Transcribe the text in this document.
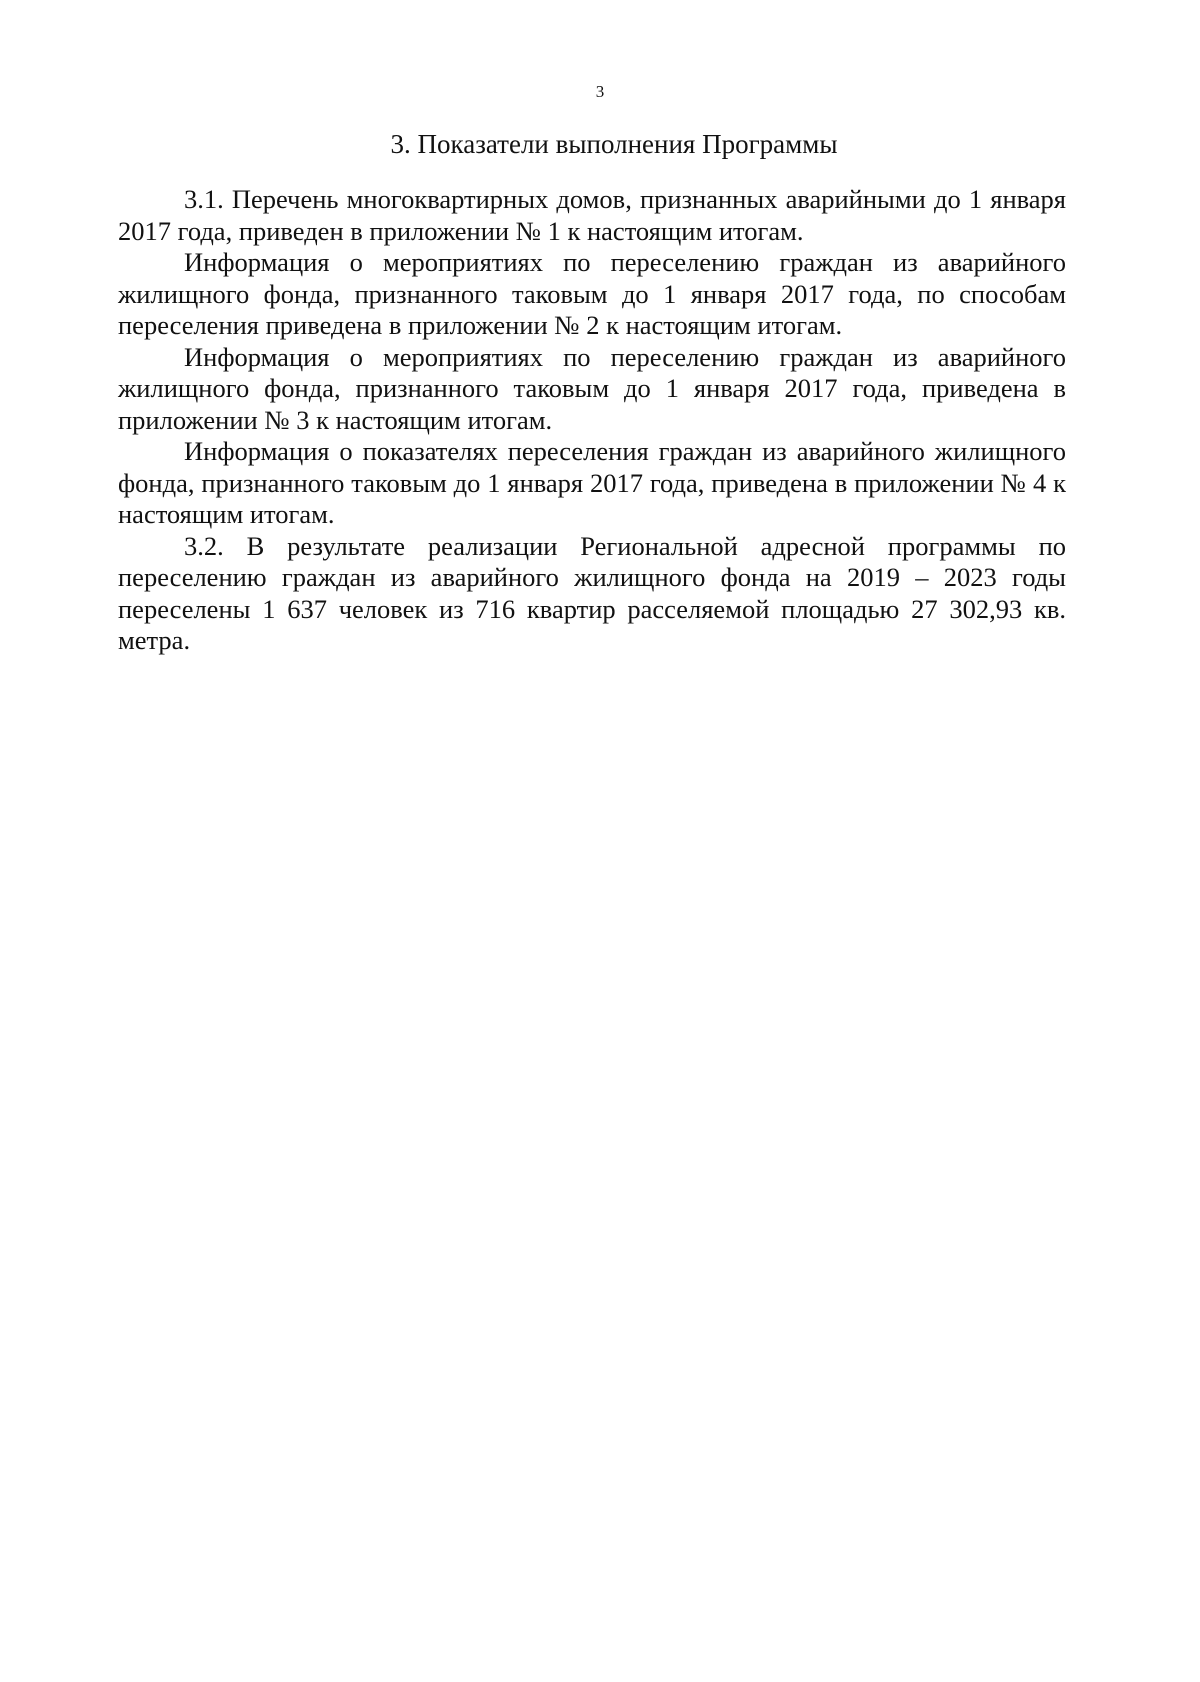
3

3. Показатели выполнения Программы

3.1. Перечень многоквартирных домов, признанных аварийными до 1 января 2017 года, приведен в приложении № 1 к настоящим итогам.

Информация о мероприятиях по переселению граждан из аварийного жилищного фонда, признанного таковым до 1 января 2017 года, по способам переселения приведена в приложении № 2 к настоящим итогам.

Информация о мероприятиях по переселению граждан из аварийного жилищного фонда, признанного таковым до 1 января 2017 года, приведена в приложении № 3 к настоящим итогам.

Информация о показателях переселения граждан из аварийного жилищного фонда, признанного таковым до 1 января 2017 года, приведена в приложении № 4 к настоящим итогам.

3.2. В результате реализации Региональной адресной программы по переселению граждан из аварийного жилищного фонда на 2019 – 2023 годы переселены 1 637 человек из 716 квартир расселяемой площадью 27 302,93 кв. метра.
